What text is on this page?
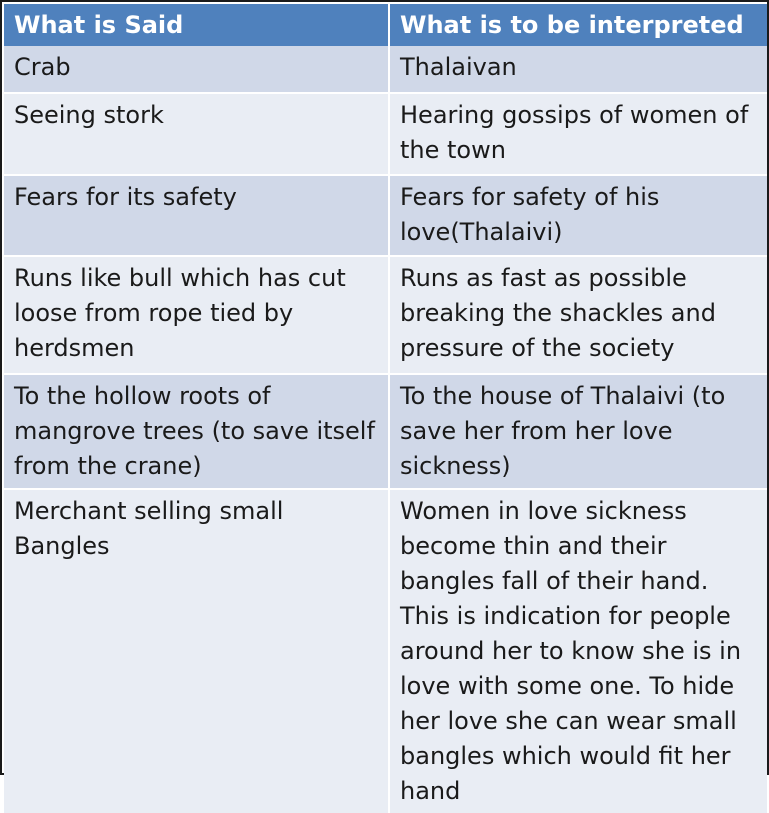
What is Said	What is to be interpreted
Crab	Thalaivan
Seeing stork	Hearing gossips of women of the town
Fears for its safety	Fears for safety of his love(Thalaivi)
Runs like bull which has cut loose from rope tied by herdsmen	Runs as fast as possible breaking the shackles and pressure of the society
To the hollow roots of mangrove trees (to save itself from the crane)	To the house of Thalaivi (to save her from her love sickness)
Merchant selling small Bangles	Women in love sickness become thin and their bangles fall of their hand. This is indication for people around her to know she is in love with some one. To hide her love she can wear small bangles which would fit her hand
